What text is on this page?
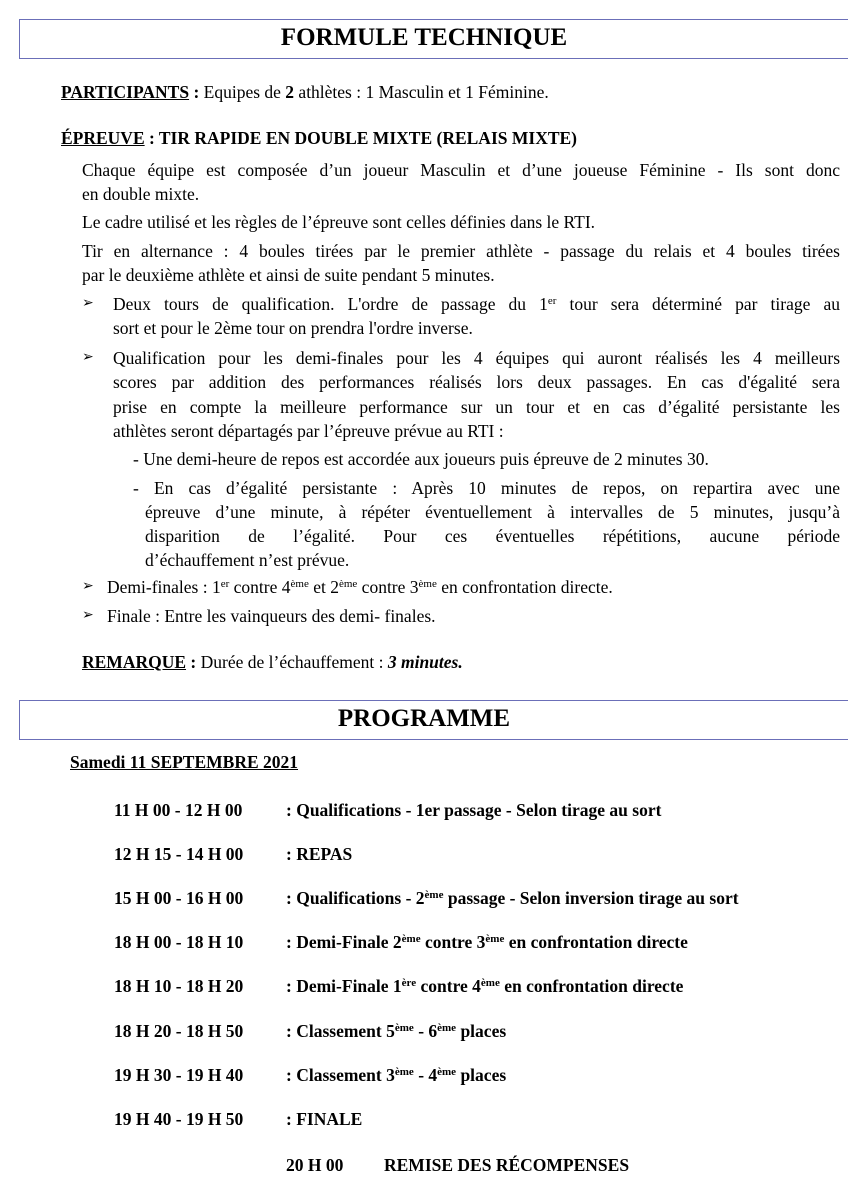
FORMULE TECHNIQUE
PARTICIPANTS : Equipes de 2 athlètes : 1 Masculin et 1 Féminine.
ÉPREUVE : TIR RAPIDE EN DOUBLE MIXTE (RELAIS MIXTE)
Chaque équipe est composée d’un joueur Masculin et d’une joueuse Féminine - Ils sont donc
en double mixte.
Le cadre utilisé et les règles de l’épreuve sont celles définies dans le RTI.
Tir en alternance : 4 boules tirées par le premier athlète - passage du relais et 4 boules tirées
par le deuxième athlète et ainsi de suite pendant 5 minutes.
➢ Deux tours de qualification. L'ordre de passage du 1er tour sera déterminé par tirage au
sort et pour le 2ème tour on prendra l'ordre inverse.
➢ Qualification pour les demi-finales pour les 4 équipes qui auront réalisés les 4 meilleurs
scores par addition des performances réalisés lors deux passages. En cas d'égalité sera
prise en compte la meilleure performance sur un tour et en cas d’égalité persistante les
athlètes seront départagés par l’épreuve prévue au RTI :
- Une demi-heure de repos est accordée aux joueurs puis épreuve de 2 minutes 30.
- En cas d’égalité persistante : Après 10 minutes de repos, on repartira avec une
épreuve d’une minute, à répéter éventuellement à intervalles de 5 minutes, jusqu’à
disparition de l’égalité. Pour ces éventuelles répétitions, aucune période
d’échauffement n’est prévue.
➢ Demi-finales : 1er contre 4ème et 2ème contre 3ème en confrontation directe.
➢ Finale : Entre les vainqueurs des demi- finales.
REMARQUE : Durée de l’échauffement : 3 minutes.
PROGRAMME
Samedi 11 SEPTEMBRE 2021
11 H 00 - 12 H 00 : Qualifications - 1er passage - Selon tirage au sort
12 H 15 - 14 H 00 : REPAS
15 H 00 - 16 H 00 : Qualifications - 2ème passage - Selon inversion tirage au sort
18 H 00 - 18 H 10 : Demi-Finale 2ème contre 3ème en confrontation directe
18 H 10 - 18 H 20 : Demi-Finale 1ère contre 4ème en confrontation directe
18 H 20 - 18 H 50 : Classement 5ème - 6ème places
19 H 30 - 19 H 40 : Classement 3ème - 4ème places
19 H 40 - 19 H 50 : FINALE
20 H 00 REMISE DES RÉCOMPENSES
